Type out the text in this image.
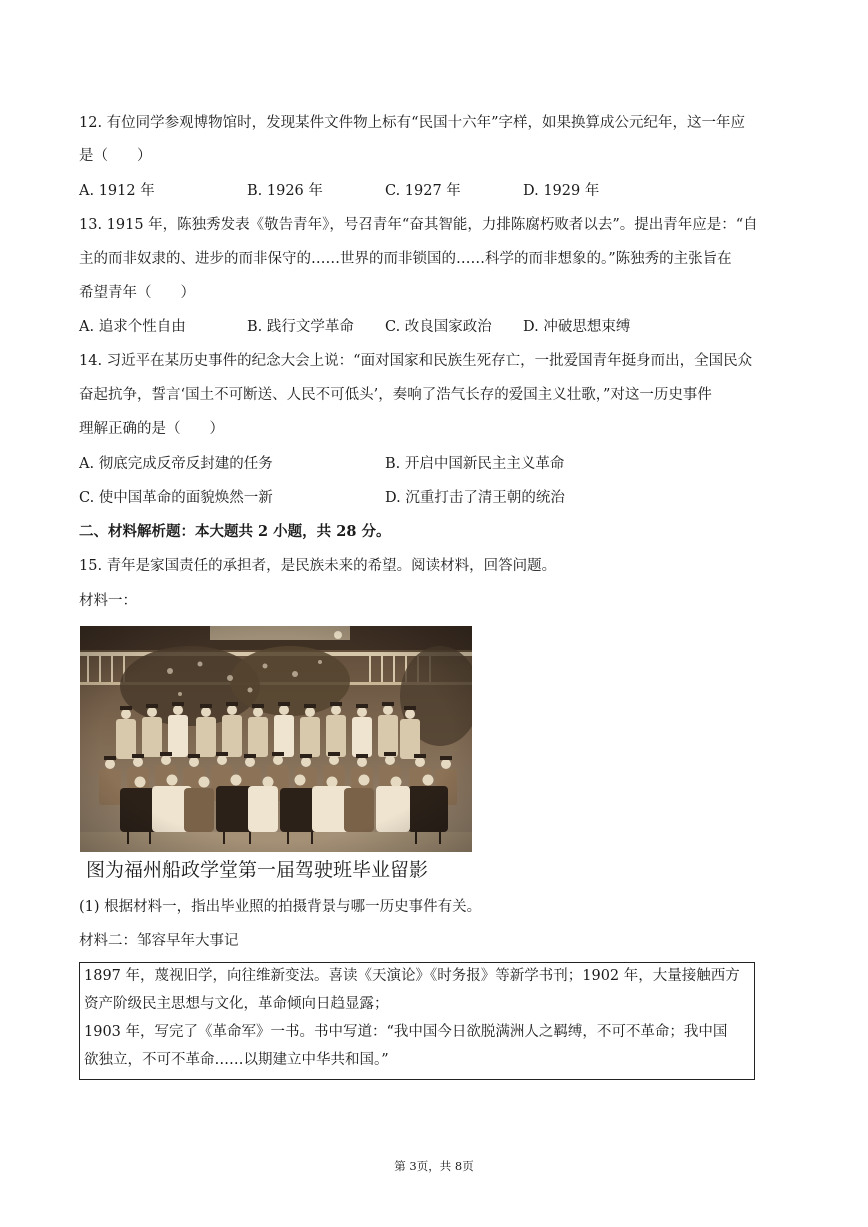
12. 有位同学参观博物馆时，发现某件文件物上标有“民国十六年”字样，如果换算成公元纪年，这一年应
是（　　）
A. 1912 年	B. 1926 年	C. 1927 年	D. 1929 年
13. 1915 年，陈独秀发表《敬告青年》，号召青年“奋其智能，力排陈腐朽败者以去”。提出青年应是：“自
主的而非奴隶的、进步的而非保守的……世界的而非锁国的……科学的而非想象的。”陈独秀的主张旨在
希望青年（　　）
A. 追求个性自由	B. 践行文学革命 C. 改良国家政治 D. 冲破思想束缚
14. 习近平在某历史事件的纪念大会上说：“面对国家和民族生死存亡，一批爱国青年挺身而出，全国民众
奋起抗争，誓言‘国土不可断送、人民不可低头’，奏响了浩气长存的爱国主义壮歌，”对这一历史事件
理解正确的是（　　）
A. 彻底完成反帝反封建的任务	B. 开启中国新民主主义革命
C. 使中国革命的面貌焕然一新	D. 沉重打击了清王朝的统治
二、材料解析题：本大题共 2 小题，共 28 分。
15. 青年是家国责任的承担者，是民族未来的希望。阅读材料，回答问题。
材料一：
图为福州船政学堂第一届驾驶班毕业留影
(1) 根据材料一，指出毕业照的拍摄背景与哪一历史事件有关。
材料二：邹容早年大事记
1897 年，蔑视旧学，向往维新变法。喜读《天演论》《时务报》等新学书刊；1902 年，大量接触西方
资产阶级民主思想与文化，革命倾向日趋显露；
1903 年，写完了《革命军》一书。书中写道：“我中国今日欲脱满洲人之羁缚，不可不革命；我中国
欲独立，不可不革命……以期建立中华共和国。”
第 3页，共 8页
